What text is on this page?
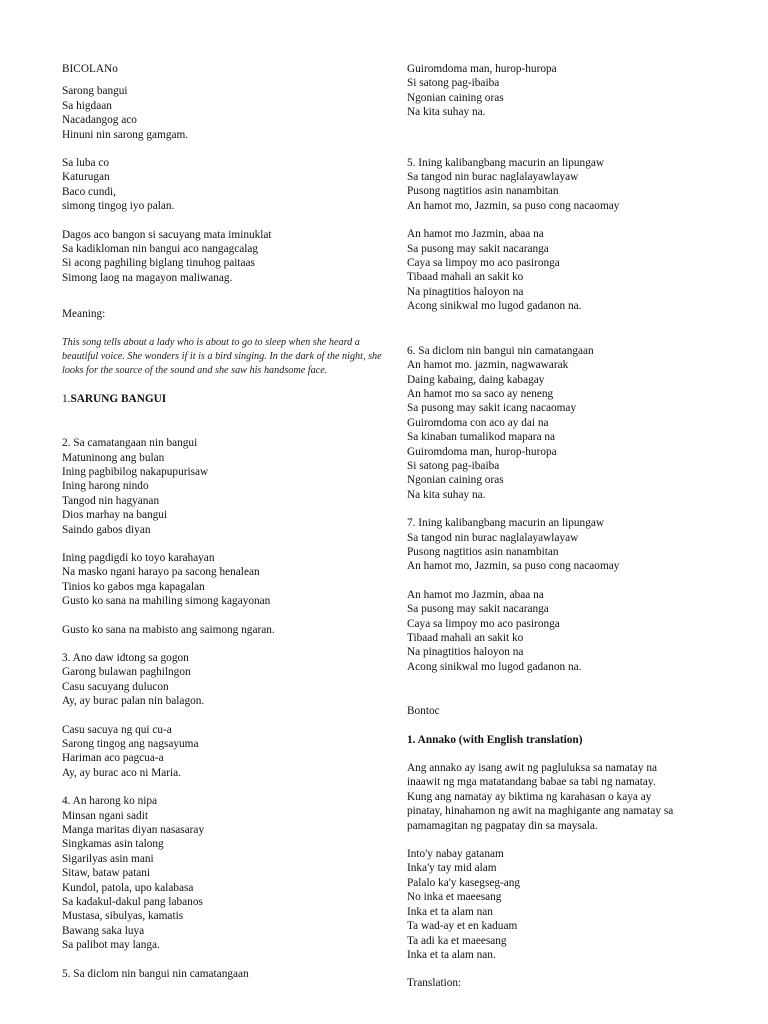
BICOLANo
Sarong bangui
Sa higdaan
Nacadangog aco
Hinuni nin sarong gamgam.
Sa luba co
Katurugan
Baco cundi,
simong tingog iyo palan.
Dagos aco bangon si sacuyang mata iminuklat
Sa kadikloman nin bangui aco nangagcalag
Si acong paghiling biglang tinuhog paitaas
Simong laog na magayon maliwanag.
Meaning:
This song tells about a lady who is about to go to sleep when she heard a beautiful voice. She wonders if it is a bird singing. In the dark of the night, she looks for the source of the sound and she saw his handsome face.
1.SARUNG BANGUI
2. Sa camatangaan nin bangui
Matuninong ang bulan
Ining pagbibilog nakapupurisaw
Ining harong nindo
Tangod nin hagyanan
Dios marhay na bangui
Saindo gabos diyan
Ining pagdigdi ko toyo karahayan
Na masko ngani harayo pa sacong henalean
Tinios ko gabos mga kapagalan
Gusto ko sana na mahiling simong kagayonan
Gusto ko sana na mabisto ang saimong ngaran.
3. Ano daw idtong sa gogon
Garong bulawan paghilngon
Casu sacuyang dulucon
Ay, ay burac palan nin balagon.
Casu sacuya ng qui cu-a
Sarong tingog ang nagsayuma
Hariman aco pagcua-a
Ay, ay burac aco ni Maria.
4. An harong ko nipa
Minsan ngani sadit
Manga maritas diyan nasasaray
Singkamas asin talong
Sigarilyas asin mani
Sitaw, bataw patani
Kundol, patola, upo kalabasa
Sa kadakul-dakul pang labanos
Mustasa, sibulyas, kamatis
Bawang saka luya
Sa palibot may langa.
5. Sa diclom nin bangui nin camatangaan
Guiromdoma man, hurop-huropa
Si satong pag-ibaiba
Ngonian caining oras
Na kita suhay na.
5. Ining kalibangbang macurin an lipungaw
Sa tangod nin burac naglalayawlayaw
Pusong nagtitios asin nanambitan
An hamot mo, Jazmin, sa puso cong nacaomay
An hamot mo Jazmin, abaa na
Sa pusong may sakit nacaranga
Caya sa limpoy mo aco pasironga
Tibaad mahali an sakit ko
Na pinagtitios haloyon na
Acong sinikwal mo lugod gadanon na.
6. Sa diclom nin bangui nin camatangaan
An hamot mo. jazmin, nagwawarak
Daing kabaing, daing kabagay
An hamot mo sa saco ay neneng
Sa pusong may sakit icang nacaomay
Guiromdoma con aco ay dai na
Sa kinaban tumalikod mapara na
Guiromdoma man, hurop-huropa
Si satong pag-ibaiba
Ngonian caining oras
Na kita suhay na.
7. Ining kalibangbang macurin an lipungaw
Sa tangod nin burac naglalayawlayaw
Pusong nagtitios asin nanambitan
An hamot mo, Jazmin, sa puso cong nacaomay
An hamot mo Jazmin, abaa na
Sa pusong may sakit nacaranga
Caya sa limpoy mo aco pasironga
Tibaad mahali an sakit ko
Na pinagtitios haloyon na
Acong sinikwal mo lugod gadanon na.
Bontoc
1. Annako (with English translation)
Ang annako ay isang awit ng pagluluksa sa namatay na
inaawit ng mga matatandang babae sa tabi ng namatay.
Kung ang namatay ay biktima ng karahasan o kaya ay
pinatay, hinahamon ng awit na maghigante ang namatay sa
pamamagitan ng pagpatay din sa maysala.
Into'y nabay gatanam
Inka'y tay mid alam
Palalo ka'y kasegseg-ang
No inka et maeesang
Inka et ta alam nan
Ta wad-ay et en kaduam
Ta adi ka et maeesang
Inka et ta alam nan.
Translation:
